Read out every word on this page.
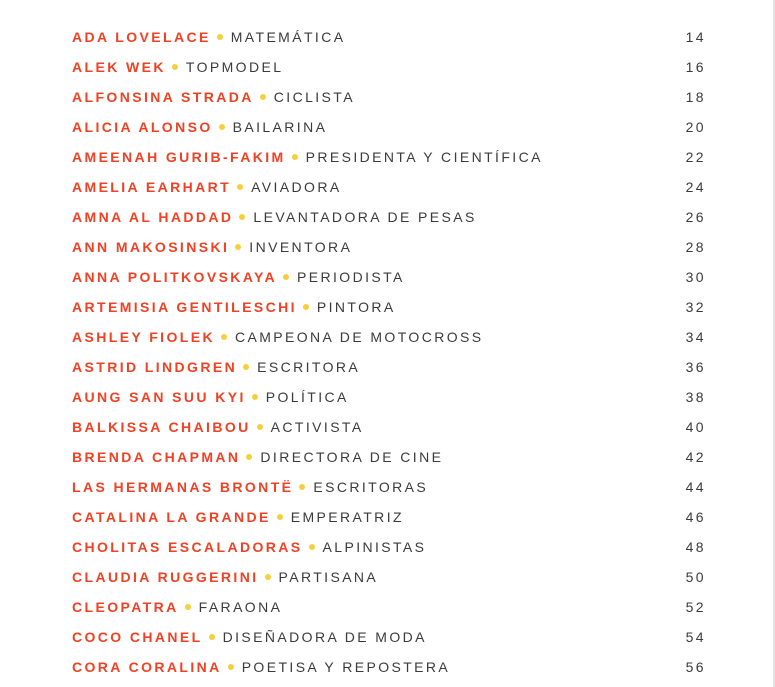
ADA LOVELACE MATEMÁTICA	14
ALEK WEK TOPMODEL	16
ALFONSINA STRADA CICLISTA	18
ALICIA ALONSO BAILARINA	20
AMEENAH GURIB-FAKIM PRESIDENTA Y CIENTÍFICA	22
AMELIA EARHART AVIADORA	24
AMNA AL HADDAD LEVANTADORA DE PESAS	26
ANN MAKOSINSKI INVENTORA	28
ANNA POLITKOVSKAYA PERIODISTA	30
ARTEMISIA GENTILESCHI PINTORA	32
ASHLEY FIOLEK CAMPEONA DE MOTOCROSS	34
ASTRID LINDGREN ESCRITORA	36
AUNG SAN SUU KYI POLÍTICA	38
BALKISSA CHAIBOU ACTIVISTA	40
BRENDA CHAPMAN DIRECTORA DE CINE	42
LAS HERMANAS BRONTË ESCRITORAS	44
CATALINA LA GRANDE EMPERATRIZ	46
CHOLITAS ESCALADORAS ALPINISTAS	48
CLAUDIA RUGGERINI PARTISANA	50
CLEOPATRA FARAONA	52
COCO CHANEL DISEÑADORA DE MODA	54
CORA CORALINA POETISA Y REPOSTERA	56
